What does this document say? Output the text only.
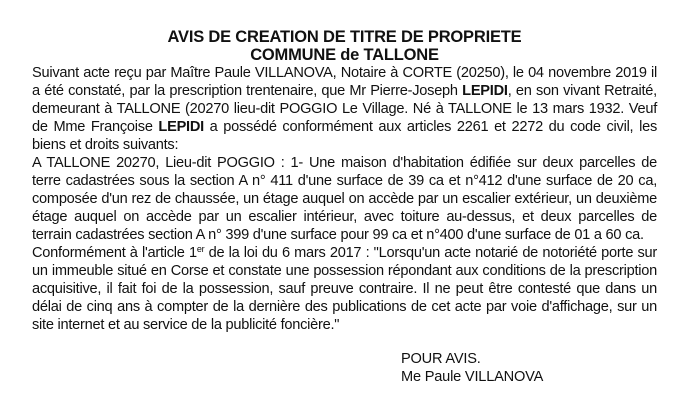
AVIS DE CREATION DE TITRE DE PROPRIETE
COMMUNE de TALLONE

Suivant acte reçu par Maître Paule VILLANOVA, Notaire à CORTE (20250), le 04 novembre 2019 il a été constaté, par la prescription trentenaire, que Mr Pierre-Joseph LEPIDI, en son vivant Retraité, demeurant à TALLONE (20270 lieu-dit POGGIO Le Village. Né à TALLONE le 13 mars 1932. Veuf de Mme Françoise LEPIDI a possédé conformément aux articles 2261 et 2272 du code civil, les biens et droits suivants:

A TALLONE 20270, Lieu-dit POGGIO : 1- Une maison d'habitation édifiée sur deux parcelles de terre cadastrées sous la section A n° 411 d'une surface de 39 ca et n°412 d'une surface de 20 ca, composée d'un rez de chaussée, un étage auquel on accède par un escalier extérieur, un deuxième étage auquel on accède par un escalier intérieur, avec toiture au-dessus, et deux parcelles de terrain cadastrées section A n° 399 d'une surface pour 99 ca et n°400 d'une surface de 01 a 60 ca.

Conformément à l'article 1er de la loi du 6 mars 2017 : "Lorsqu'un acte notarié de notoriété porte sur un immeuble situé en Corse et constate une possession répondant aux conditions de la prescription acquisitive, il fait foi de la possession, sauf preuve contraire. Il ne peut être contesté que dans un délai de cinq ans à compter de la dernière des publications de cet acte par voie d'affichage, sur un site internet et au service de la publicité foncière."

POUR AVIS.
Me Paule VILLANOVA
